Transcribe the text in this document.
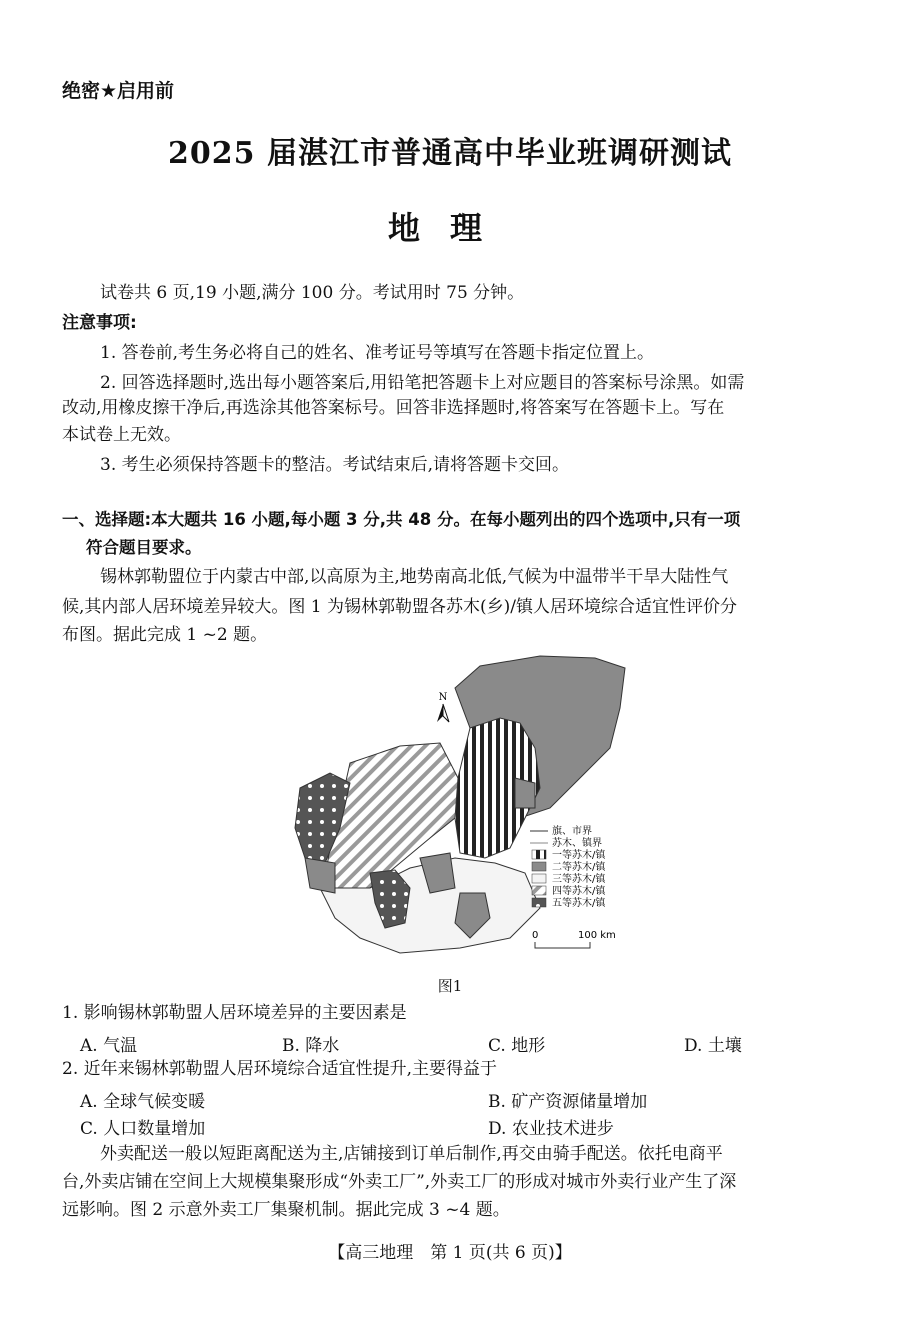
绝密★启用前
2025 届湛江市普通高中毕业班调研测试
地理
试卷共 6 页,19 小题,满分 100 分。考试用时 75 分钟。
注意事项:
1. 答卷前,考生务必将自己的姓名、准考证号等填写在答题卡指定位置上。
2. 回答选择题时,选出每小题答案后,用铅笔把答题卡上对应题目的答案标号涂黑。如需
改动,用橡皮擦干净后,再选涂其他答案标号。回答非选择题时,将答案写在答题卡上。写在
本试卷上无效。
3. 考生必须保持答题卡的整洁。考试结束后,请将答题卡交回。
一、选择题:本大题共 16 小题,每小题 3 分,共 48 分。在每小题列出的四个选项中,只有一项
符合题目要求。
锡林郭勒盟位于内蒙古中部,以高原为主,地势南高北低,气候为中温带半干旱大陆性气
候,其内部人居环境差异较大。图 1 为锡林郭勒盟各苏木(乡)/镇人居环境综合适宜性评价分
布图。据此完成 1 ~2 题。
N
旗、市界
苏木、镇界
一等苏木/镇
二等苏木/镇
三等苏木/镇
四等苏木/镇
五等苏木/镇
0	100 km
图1
1. 影响锡林郭勒盟人居环境差异的主要因素是
A. 气温	B. 降水	C. 地形	D. 土壤
2. 近年来锡林郭勒盟人居环境综合适宜性提升,主要得益于
A. 全球气候变暖	B. 矿产资源储量增加
C. 人口数量增加	D. 农业技术进步
外卖配送一般以短距离配送为主,店铺接到订单后制作,再交由骑手配送。依托电商平
台,外卖店铺在空间上大规模集聚形成“外卖工厂”,外卖工厂的形成对城市外卖行业产生了深
远影响。图 2 示意外卖工厂集聚机制。据此完成 3 ~4 题。
【高三地理　第 1 页(共 6 页)】
